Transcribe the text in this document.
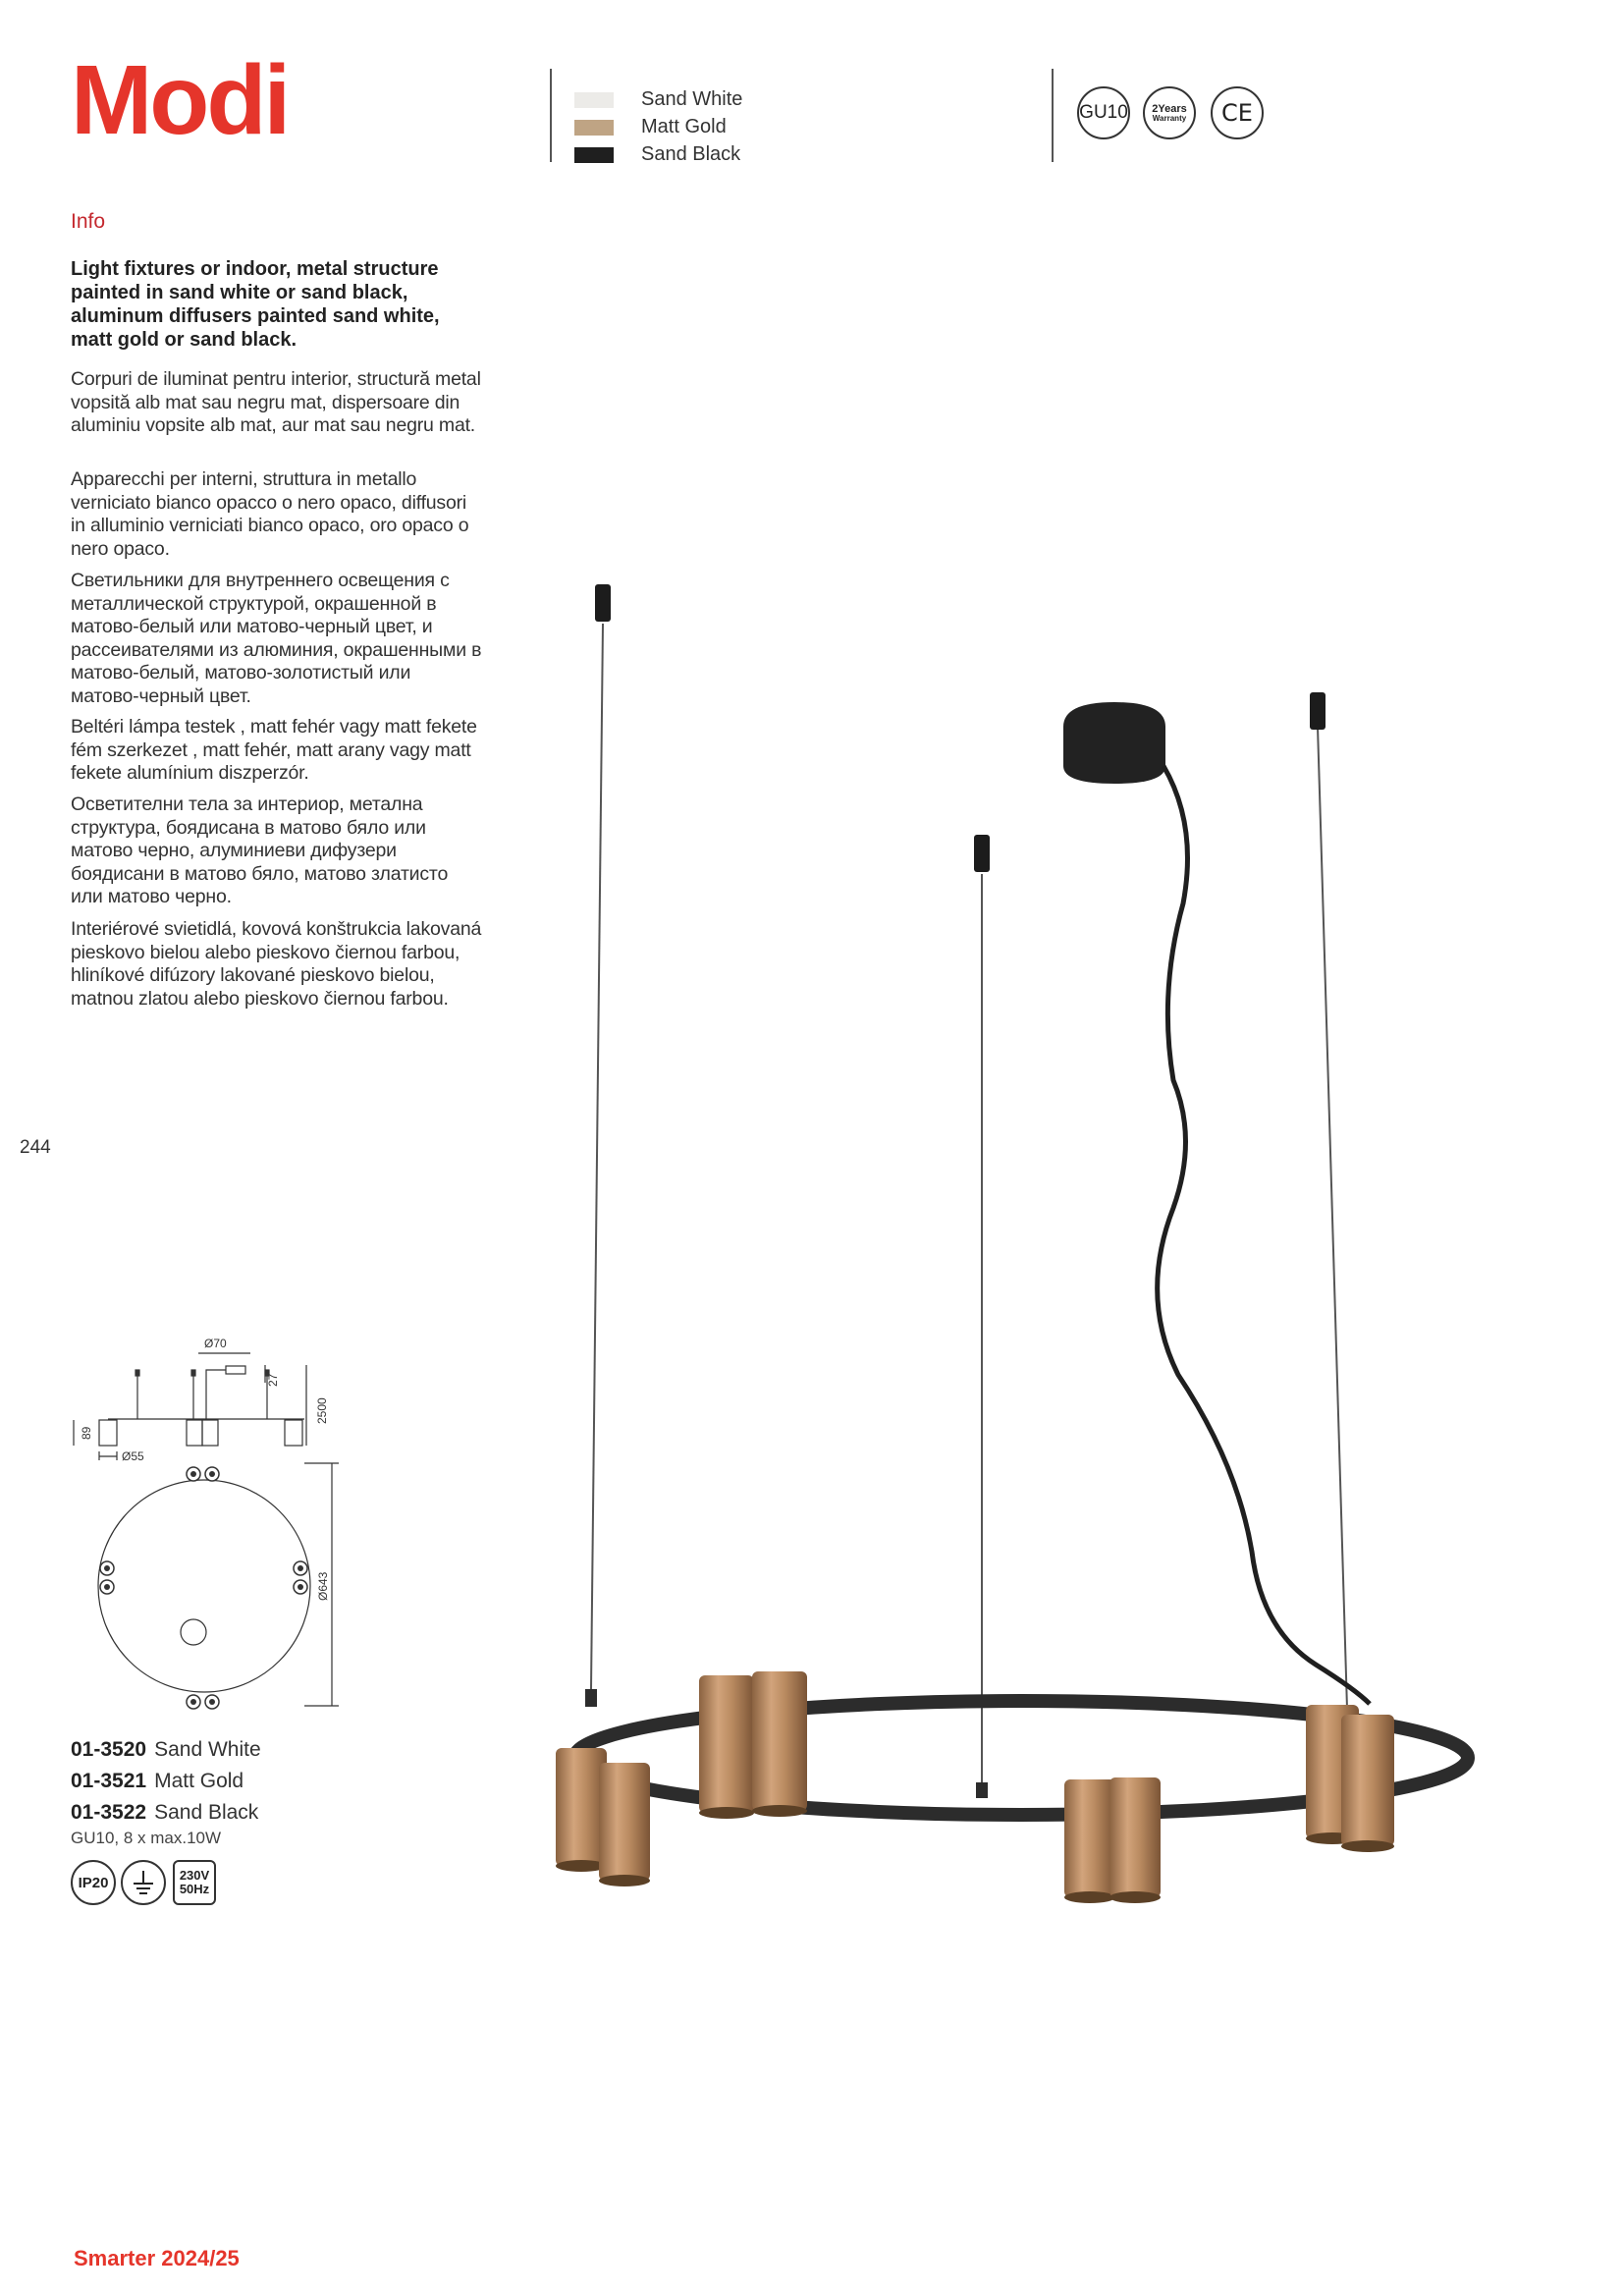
Modi	Sand White
Matt Gold
Sand Black
GU10 2Years
Warranty CE
Info
Light fixtures or indoor, metal structure painted in sand white or sand black, aluminum diffusers painted sand white, matt gold or sand black.
Corpuri de iluminat pentru interior, structură metal vopsită alb mat sau negru mat, dispersoare din aluminiu vopsite alb mat, aur mat sau negru mat.
Apparecchi per interni, struttura in metallo verniciato bianco opacco o nero opaco, diffusori in alluminio verniciati bianco opaco, oro opaco o nero opaco.
Светильники для внутреннего освещения с металлической структурой, окрашенной в матово-белый или матово-черный цвет, и рассеивателями из алюминия, окрашенными в матово-белый, матово-золотистый или матово-черный цвет.
Beltéri lámpa testek , matt fehér vagy matt fekete fém szerkezet , matt fehér, matt arany vagy matt fekete alumínium diszperzór.
Осветителни тела за интериор, метална структура, боядисана в матово бяло или матово черно, алуминиеви дифузери боядисани в матово бяло, матово златисто или матово черно.
Interiérové svietidlá, kovová konštrukcia lakovaná pieskovo bielou alebo pieskovo čiernou farbou, hliníkové difúzory lakované pieskovo bielou, matnou zlatou alebo pieskovo čiernou farbou.
244
Ø70
27
2500
89
Ø55
Ø643
01-3520 Sand White
01-3521 Matt Gold
01-3522 Sand Black
GU10, 8 x max.10W
IP20	230V
50Hz
Smarter 2024/25
